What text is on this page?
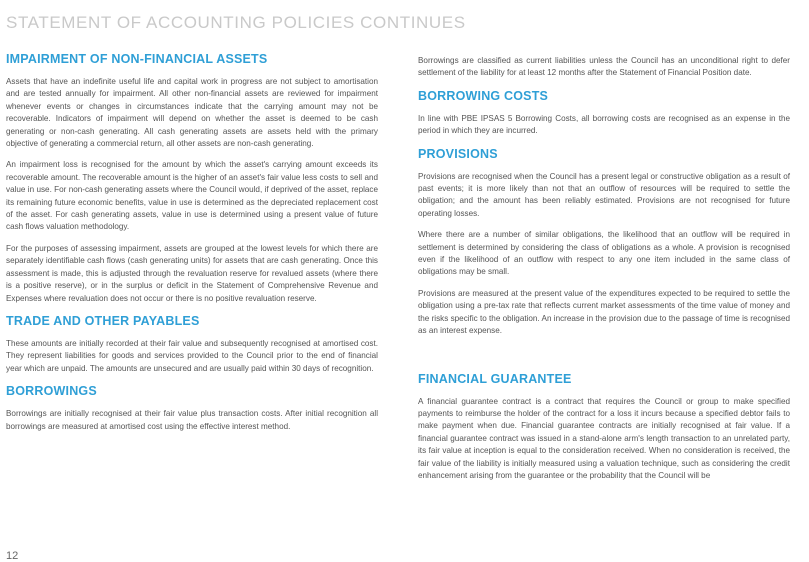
STATEMENT OF ACCOUNTING POLICIES CONTINUES
IMPAIRMENT OF NON-FINANCIAL ASSETS

Assets that have an indefinite useful life and capital work in progress are not subject to amortisation and are tested annually for impairment. All other non-financial assets are reviewed for impairment whenever events or changes in circumstances indicate that the carrying amount may not be recoverable. Indicators of impairment will depend on whether the asset is deemed to be cash generating or non-cash generating. All cash generating assets are assets held with the primary objective of generating a commercial return, all other assets are non-cash generating.

An impairment loss is recognised for the amount by which the asset's carrying amount exceeds its recoverable amount. The recoverable amount is the higher of an asset's fair value less costs to sell and value in use. For non-cash generating assets where the Council would, if deprived of the asset, replace its remaining future economic benefits, value in use is determined as the depreciated replacement cost of the asset. For cash generating assets, value in use is determined using a present value of future cash flows valuation methodology.

For the purposes of assessing impairment, assets are grouped at the lowest levels for which there are separately identifiable cash flows (cash generating units) for assets that are cash generating. Once this assessment is made, this is adjusted through the revaluation reserve for revalued assets (where there is a positive reserve), or in the surplus or deficit in the Statement of Comprehensive Revenue and Expenses where revaluation does not occur or there is no positive revaluation reserve.

TRADE AND OTHER PAYABLES

These amounts are initially recorded at their fair value and subsequently recognised at amortised cost. They represent liabilities for goods and services provided to the Council prior to the end of financial year which are unpaid. The amounts are unsecured and are usually paid within 30 days of recognition.

BORROWINGS

Borrowings are initially recognised at their fair value plus transaction costs. After initial recognition all borrowings are measured at amortised cost using the effective interest method.

Borrowings are classified as current liabilities unless the Council has an unconditional right to defer settlement of the liability for at least 12 months after the Statement of Financial Position date.

BORROWING COSTS

In line with PBE IPSAS 5 Borrowing Costs, all borrowing costs are recognised as an expense in the period in which they are incurred.

PROVISIONS

Provisions are recognised when the Council has a present legal or constructive obligation as a result of past events; it is more likely than not that an outflow of resources will be required to settle the obligation; and the amount has been reliably estimated. Provisions are not recognised for future operating losses.

Where there are a number of similar obligations, the likelihood that an outflow will be required in settlement is determined by considering the class of obligations as a whole. A provision is recognised even if the likelihood of an outflow with respect to any one item included in the same class of obligations may be small.

Provisions are measured at the present value of the expenditures expected to be required to settle the obligation using a pre-tax rate that reflects current market assessments of the time value of money and the risks specific to the obligation. An increase in the provision due to the passage of time is recognised as an interest expense.

FINANCIAL GUARANTEE

A financial guarantee contract is a contract that requires the Council or group to make specified payments to reimburse the holder of the contract for a loss it incurs because a specified debtor fails to make payment when due. Financial guarantee contracts are initially recognised at fair value. If a financial guarantee contract was issued in a stand-alone arm's length transaction to an unrelated party, its fair value at inception is equal to the consideration received. When no consideration is received, the fair value of the liability is initially measured using a valuation technique, such as considering the credit enhancement arising from the guarantee or the probability that the Council will be

12
